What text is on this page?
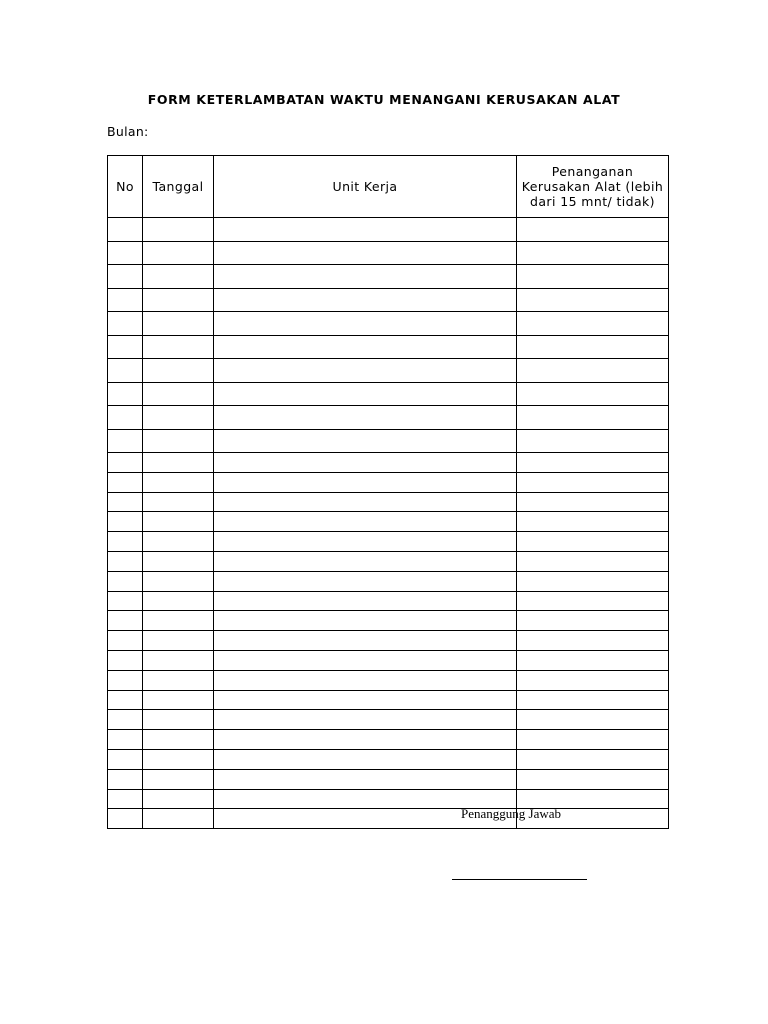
FORM KETERLAMBATAN WAKTU MENANGANI KERUSAKAN ALAT
Bulan:
No	Tanggal	Unit Kerja	Penanganan Kerusakan Alat (lebih dari 15 mnt/ tidak)

Penanggung Jawab
